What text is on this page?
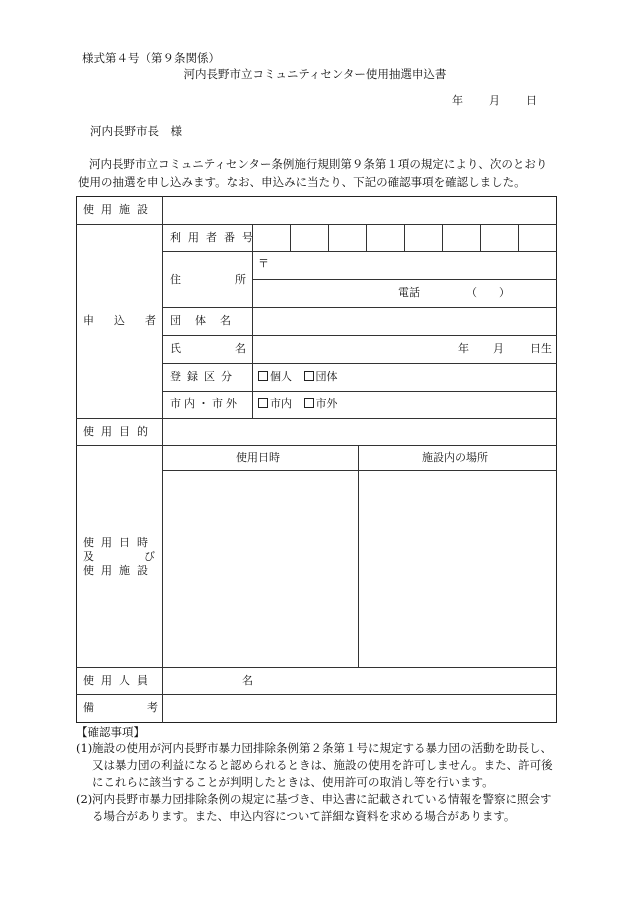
様式第４号（第９条関係）
河内長野市立コミュニティセンター使用抽選申込書
年 月 日
河内長野市長　様
河内長野市立コミュニティセンター条例施行規則第９条第１項の規定により、次のとおり使用の抽選を申し込みます。なお、申込みに当たり、下記の確認事項を確認しました。
使用施設
申込者
利用者番号
住	所
〒
電話	（　　）
団体名
氏	名	年 月 日生
登録区分	個人 団体
市内・市外	市内 市外
使用目的
使用日時	施設内の場所
使用日時
及び
使用施設
使用人員	名
備	考
【確認事項】
(1) 施設の使用が河内長野市暴力団排除条例第２条第１号に規定する暴力団の活動を助長し、又は暴力団の利益になると認められるときは、施設の使用を許可しません。また、許可後にこれらに該当することが判明したときは、使用許可の取消し等を行います。
(2) 河内長野市暴力団排除条例の規定に基づき、申込書に記載されている情報を警察に照会する場合があります。また、申込内容について詳細な資料を求める場合があります。
